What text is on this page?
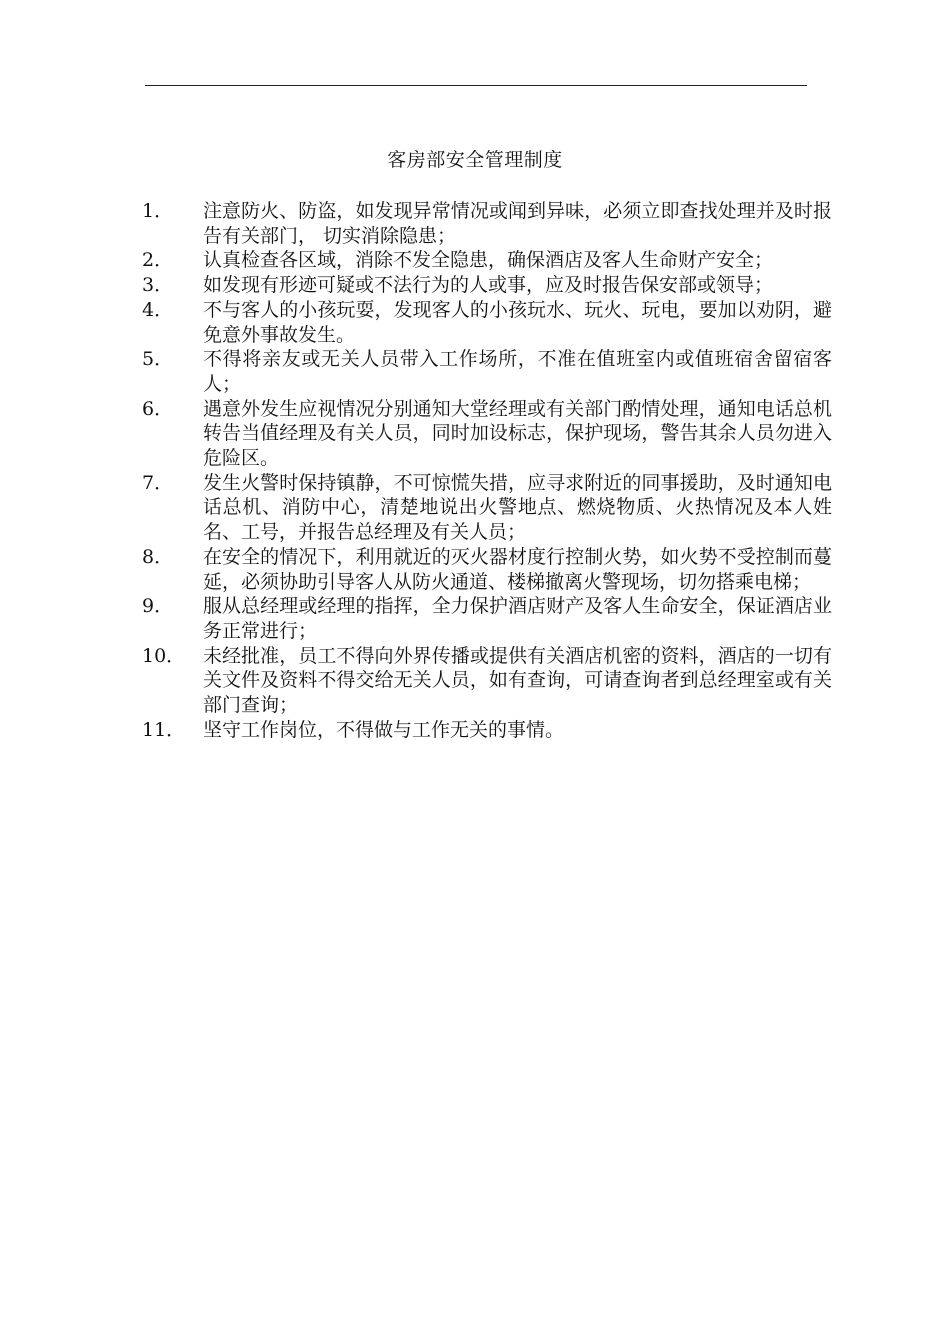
客房部安全管理制度
1．	注意防火、防盗，如发现异常情况或闻到异味，必须立即查找处理并及时报告有关部门， 切实消除隐患；
2．	认真检查各区域，消除不发全隐患，确保酒店及客人生命财产安全；
3．	如发现有形迹可疑或不法行为的人或事，应及时报告保安部或领导；
4．	不与客人的小孩玩耍，发现客人的小孩玩水、玩火、玩电，要加以劝阴，避免意外事故发生。
5．	不得将亲友或无关人员带入工作场所，不准在值班室内或值班宿舍留宿客人；
6．	遇意外发生应视情况分别通知大堂经理或有关部门酌情处理，通知电话总机转告当值经理及有关人员，同时加设标志，保护现场，警告其余人员勿进入危险区。
7．	发生火警时保持镇静，不可惊慌失措，应寻求附近的同事援助，及时通知电话总机、消防中心，清楚地说出火警地点、燃烧物质、火热情况及本人姓名、工号，并报告总经理及有关人员；
8．	在安全的情况下，利用就近的灭火器材度行控制火势，如火势不受控制而蔓延，必须协助引导客人从防火通道、楼梯撤离火警现场，切勿搭乘电梯；
9．	服从总经理或经理的指挥，全力保护酒店财产及客人生命安全，保证酒店业务正常进行；
10． 未经批准，员工不得向外界传播或提供有关酒店机密的资料，酒店的一切有关文件及资料不得交给无关人员，如有查询，可请查询者到总经理室或有关部门查询；
11． 坚守工作岗位，不得做与工作无关的事情。
